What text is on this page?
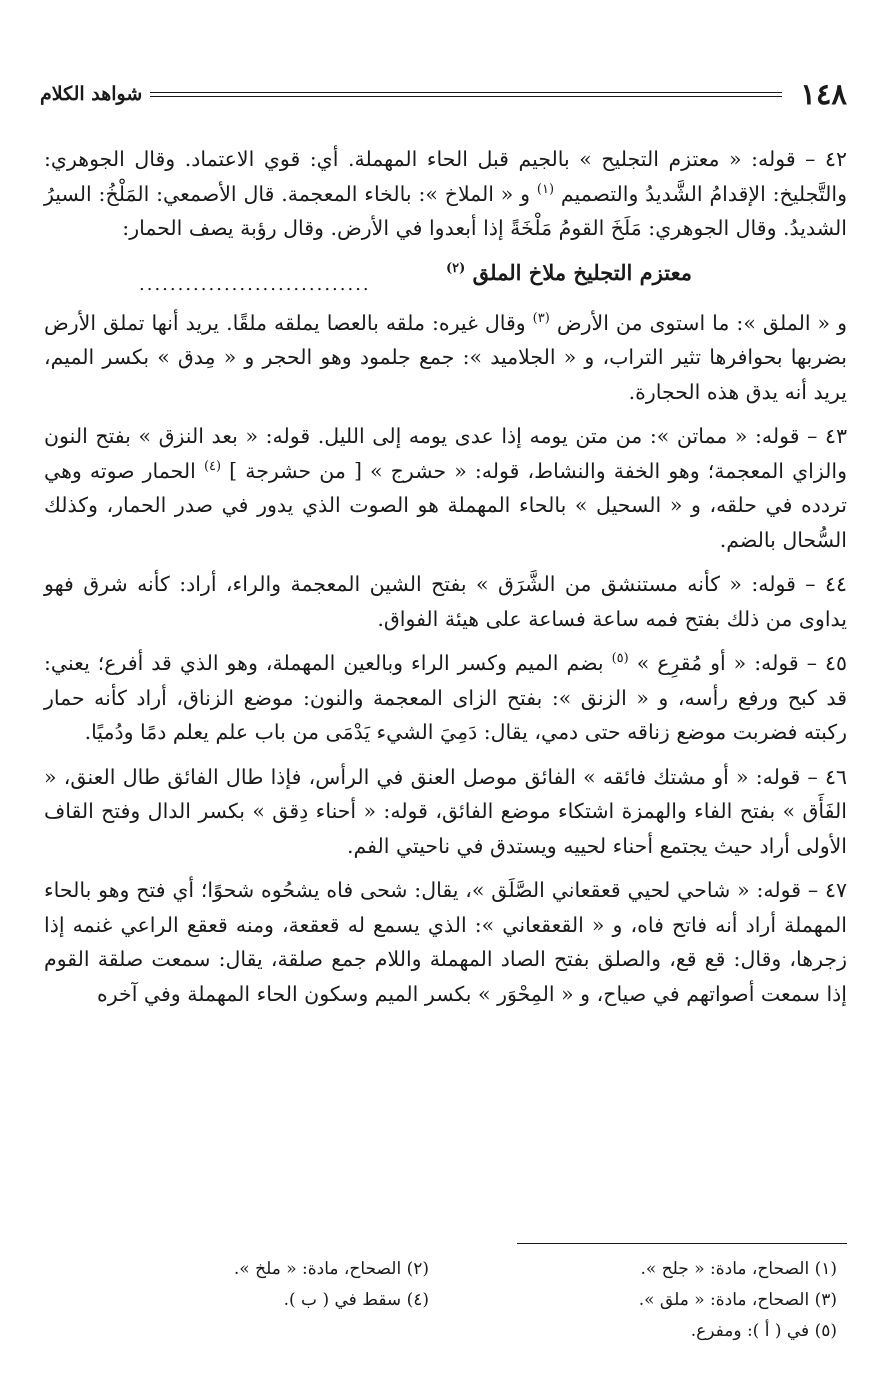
١٤٨
شواهد الكلام

٤٢ – قوله: « معتزم التجليح » بالجيم قبل الحاء المهملة. أي: قوي الاعتماد. وقال الجوهري: والتَّجليخ: الإقدامُ الشَّديدُ والتصميم $^{(١)}$ و « الملاخ »: بالخاء المعجمة. قال الأصمعي: المَلْخُ: السيرُ الشديدُ. وقال الجوهري: مَلَخَ القومُ مَلْخَةً إذا أبعدوا في الأرض. وقال رؤبة يصف الحمار:

معتزم التجليخ ملاخ الملق $^{(٢)}$
..............................

و « الملق »: ما استوى من الأرض $^{(٣)}$ وقال غيره: ملقه بالعصا يملقه ملقًا. يريد أنها تملق الأرض بضربها بحوافرها تثير التراب، و « الجلاميد »: جمع جلمود وهو الحجر و « مِدق » بكسر الميم، يريد أنه يدق هذه الحجارة.

٤٣ – قوله: « مماتن »: من متن يومه إذا عدى يومه إلى الليل. قوله: « بعد النزق » بفتح النون والزاي المعجمة؛ وهو الخفة والنشاط، قوله: « حشرج » [ من حشرجة ] $^{(٤)}$ الحمار صوته وهي تردده في حلقه، و « السحيل » بالحاء المهملة هو الصوت الذي يدور في صدر الحمار، وكذلك السُّحال بالضم.

٤٤ – قوله: « كأنه مستنشق من الشَّرَق » بفتح الشين المعجمة والراء، أراد: كأنه شرق فهو يداوى من ذلك بفتح فمه ساعة فساعة على هيئة الفواق.

٤٥ – قوله: « أو مُقرِع » $^{(٥)}$ بضم الميم وكسر الراء وبالعين المهملة، وهو الذي قد أفرع؛ يعني: قد كبح ورفع رأسه، و « الزنق »: بفتح الزاى المعجمة والنون: موضع الزناق، أراد كأنه حمار ركبته فضربت موضع زناقه حتى دمي، يقال: دَمِيَ الشيء يَدْمَى من باب علم يعلم دمًا ودُميًا.

٤٦ – قوله: « أو مشتك فائقه » الفائق موصل العنق في الرأس، فإذا طال الفائق طال العنق، « الفَأَق » بفتح الفاء والهمزة اشتكاء موضع الفائق، قوله: « أحناء دِقق » بكسر الدال وفتح القاف الأولى أراد حيث يجتمع أحناء لحييه ويستدق في ناحيتي الفم.

٤٧ – قوله: « شاحي لحيي قعقعاني الصَّلَق »، يقال: شحى فاه يشحُوه شحوًا؛ أي فتح وهو بالحاء المهملة أراد أنه فاتح فاه، و « القعقعاني »: الذي يسمع له قعقعة، ومنه قعقع الراعي غنمه إذا زجرها، وقال: قع قع، والصلق بفتح الصاد المهملة واللام جمع صلقة، يقال: سمعت صلقة القوم إذا سمعت أصواتهم في صياح، و « المِحْوَر » بكسر الميم وسكون الحاء المهملة وفي آخره

(١) الصحاح، مادة: « جلح ».
(٢) الصحاح، مادة: « ملخ ».
(٣) الصحاح، مادة: « ملق ».
(٤) سقط في ( ب ).
(٥) في ( أ ): ومفرع.
